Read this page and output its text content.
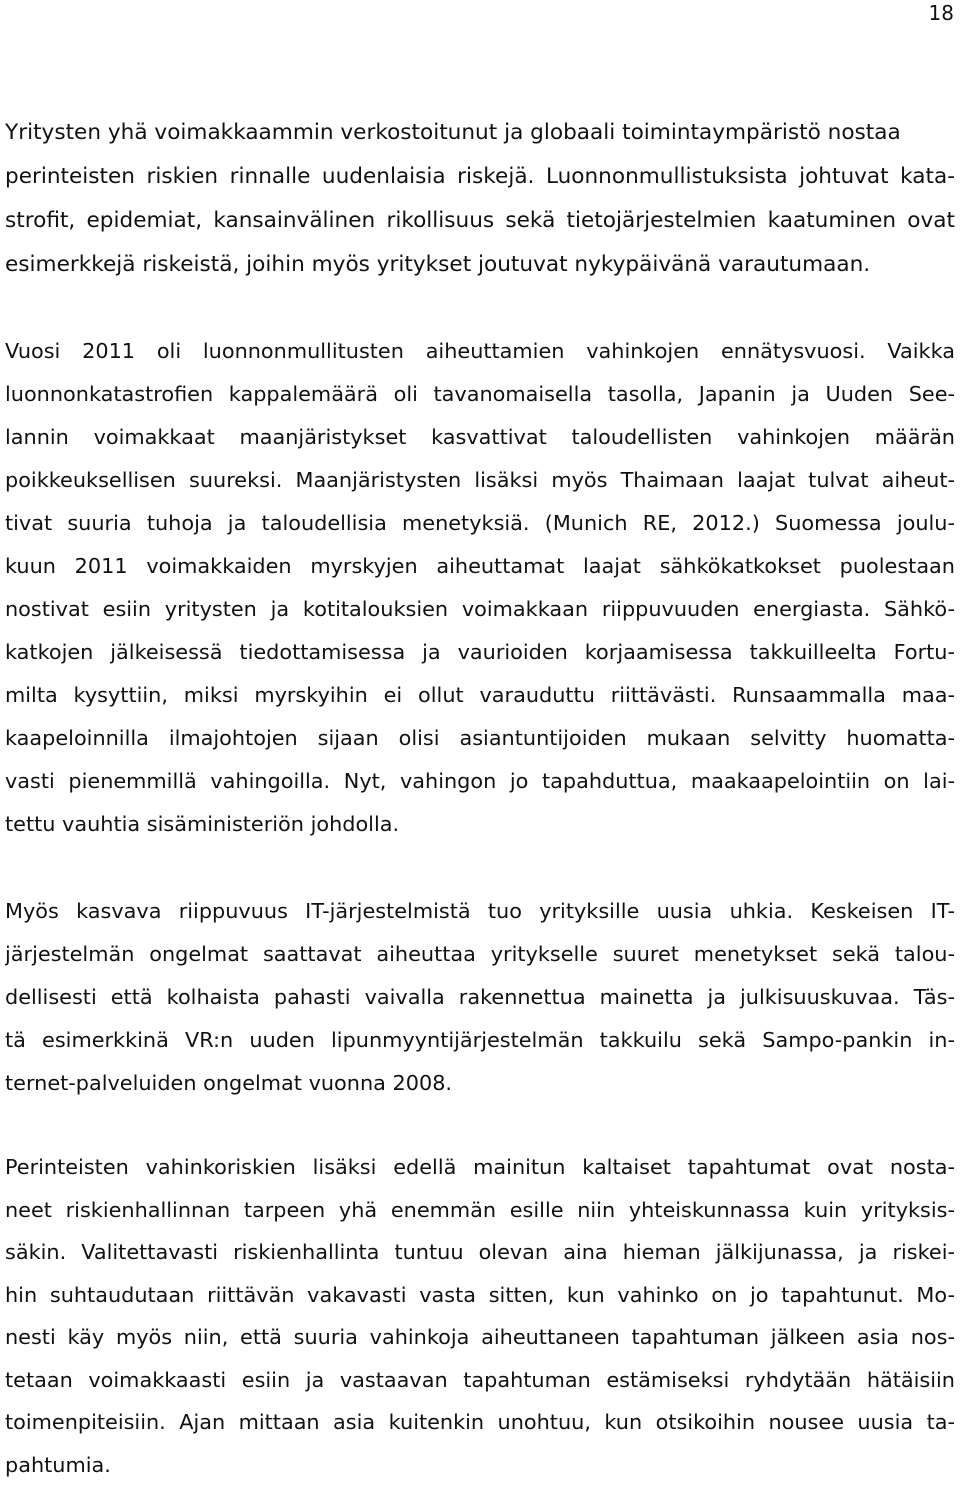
18
Yritysten yhä voimakkaammin verkostoitunut ja globaali toimintaympäristö nostaa
perinteisten riskien rinnalle uudenlaisia riskejä. Luonnonmullistuksista johtuvat kata-
strofit, epidemiat, kansainvälinen rikollisuus sekä tietojärjestelmien kaatuminen ovat
esimerkkejä riskeistä, joihin myös yritykset joutuvat nykypäivänä varautumaan.
Vuosi 2011 oli luonnonmullitusten aiheuttamien vahinkojen ennätysvuosi. Vaikka
luonnonkatastrofien kappalemäärä oli tavanomaisella tasolla, Japanin ja Uuden See-
lannin voimakkaat maanjäristykset kasvattivat taloudellisten vahinkojen määrän
poikkeuksellisen suureksi. Maanjäristysten lisäksi myös Thaimaan laajat tulvat aiheut-
tivat suuria tuhoja ja taloudellisia menetyksiä. (Munich RE, 2012.) Suomessa joulu-
kuun 2011 voimakkaiden myrskyjen aiheuttamat laajat sähkökatkokset puolestaan
nostivat esiin yritysten ja kotitalouksien voimakkaan riippuvuuden energiasta. Sähkö-
katkojen jälkeisessä tiedottamisessa ja vaurioiden korjaamisessa takkuilleelta Fortu-
milta kysyttiin, miksi myrskyihin ei ollut varauduttu riittävästi. Runsaammalla maa-
kaapeloinnilla ilmajohtojen sijaan olisi asiantuntijoiden mukaan selvitty huomatta-
vasti pienemmillä vahingoilla. Nyt, vahingon jo tapahduttua, maakaapelointiin on lai-
tettu vauhtia sisäministeriön johdolla.
Myös kasvava riippuvuus IT-järjestelmistä tuo yrityksille uusia uhkia. Keskeisen IT-
järjestelmän ongelmat saattavat aiheuttaa yritykselle suuret menetykset sekä talou-
dellisesti että kolhaista pahasti vaivalla rakennettua mainetta ja julkisuuskuvaa. Täs-
tä esimerkkinä VR:n uuden lipunmyyntijärjestelmän takkuilu sekä Sampo-pankin in-
ternet-palveluiden ongelmat vuonna 2008.
Perinteisten vahinkoriskien lisäksi edellä mainitun kaltaiset tapahtumat ovat nosta-
neet riskienhallinnan tarpeen yhä enemmän esille niin yhteiskunnassa kuin yrityksis-
säkin. Valitettavasti riskienhallinta tuntuu olevan aina hieman jälkijunassa, ja riskei-
hin suhtaudutaan riittävän vakavasti vasta sitten, kun vahinko on jo tapahtunut. Mo-
nesti käy myös niin, että suuria vahinkoja aiheuttaneen tapahtuman jälkeen asia nos-
tetaan voimakkaasti esiin ja vastaavan tapahtuman estämiseksi ryhdytään hätäisiin
toimenpiteisiin. Ajan mittaan asia kuitenkin unohtuu, kun otsikoihin nousee uusia ta-
pahtumia.
